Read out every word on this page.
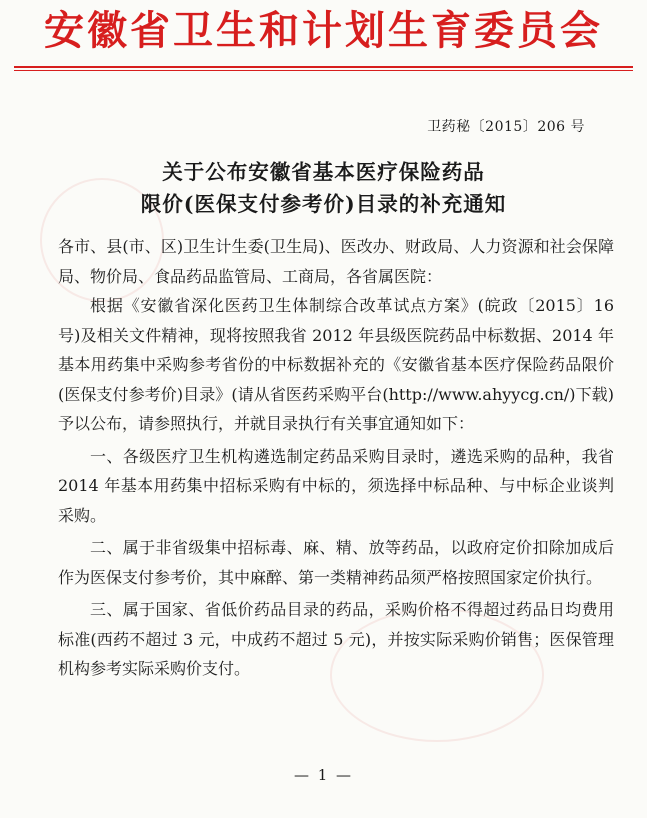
安徽省卫生和计划生育委员会
卫药秘〔2015〕206 号
关于公布安徽省基本医疗保险药品
限价(医保支付参考价)目录的补充通知

各市、县(市、区)卫生计生委(卫生局)、医改办、财政局、人力资源和社会保障局、物价局、食品药品监管局、工商局，各省属医院：

根据《安徽省深化医药卫生体制综合改革试点方案》(皖政〔2015〕16 号)及相关文件精神，现将按照我省 2012 年县级医院药品中标数据、2014 年基本用药集中采购参考省份的中标数据补充的《安徽省基本医疗保险药品限价(医保支付参考价)目录》(请从省医药采购平台(http://www.ahyycg.cn/)下载) 予以公布，请参照执行，并就目录执行有关事宜通知如下：

一、各级医疗卫生机构遴选制定药品采购目录时，遴选采购的品种，我省 2014 年基本用药集中招标采购有中标的，须选择中标品种、与中标企业谈判采购。

二、属于非省级集中招标毒、麻、精、放等药品，以政府定价扣除加成后作为医保支付参考价，其中麻醉、第一类精神药品须严格按照国家定价执行。

三、属于国家、省低价药品目录的药品，采购价格不得超过药品日均费用标准(西药不超过 3 元，中成药不超过 5 元)，并按实际采购价销售；医保管理机构参考实际采购价支付。

— 1 —
